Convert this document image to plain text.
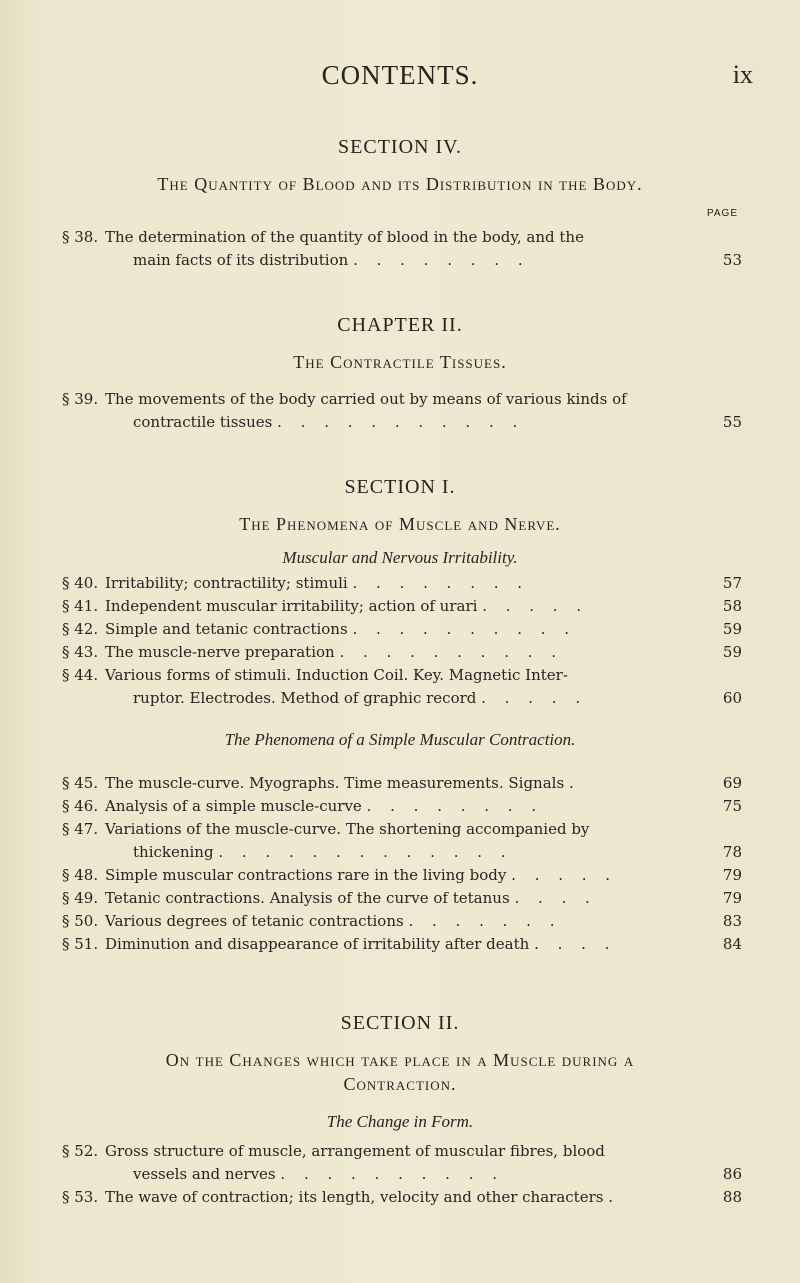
CONTENTS.	ix
SECTION IV.
The Quantity of Blood and its Distribution in the Body.
PAGE
§ 38. The determination of the quantity of blood in the body, and the
main facts of its distribution . . . . . . . .	53
CHAPTER II.
The Contractile Tissues.
§ 39. The movements of the body carried out by means of various kinds of
contractile tissues . . . . . . . . . . .	55
SECTION I.
The Phenomena of Muscle and Nerve.
Muscular and Nervous Irritability.
§ 40. Irritability; contractility; stimuli . . . . . . . .	57
§ 41. Independent muscular irritability; action of urari . . . . .	58
§ 42. Simple and tetanic contractions . . . . . . . . . .	59
§ 43. The muscle-nerve preparation . . . . . . . . . .	59
§ 44. Various forms of stimuli. Induction Coil. Key. Magnetic Inter-
ruptor. Electrodes. Method of graphic record . . . . .	60
The Phenomena of a Simple Muscular Contraction.
§ 45. The muscle-curve. Myographs. Time measurements. Signals .	69
§ 46. Analysis of a simple muscle-curve . . . . . . . .	75
§ 47. Variations of the muscle-curve. The shortening accompanied by
thickening . . . . . . . . . . . . .	78
§ 48. Simple muscular contractions rare in the living body . . . . .	79
§ 49. Tetanic contractions. Analysis of the curve of tetanus . . . .	79
§ 50. Various degrees of tetanic contractions . . . . . . .	83
§ 51. Diminution and disappearance of irritability after death . . . .	84
SECTION II.
On the Changes which take place in a Muscle during a
Contraction.
The Change in Form.
§ 52. Gross structure of muscle, arrangement of muscular fibres, blood
vessels and nerves . . . . . . . . . .	86
§ 53. The wave of contraction; its length, velocity and other characters .	88
